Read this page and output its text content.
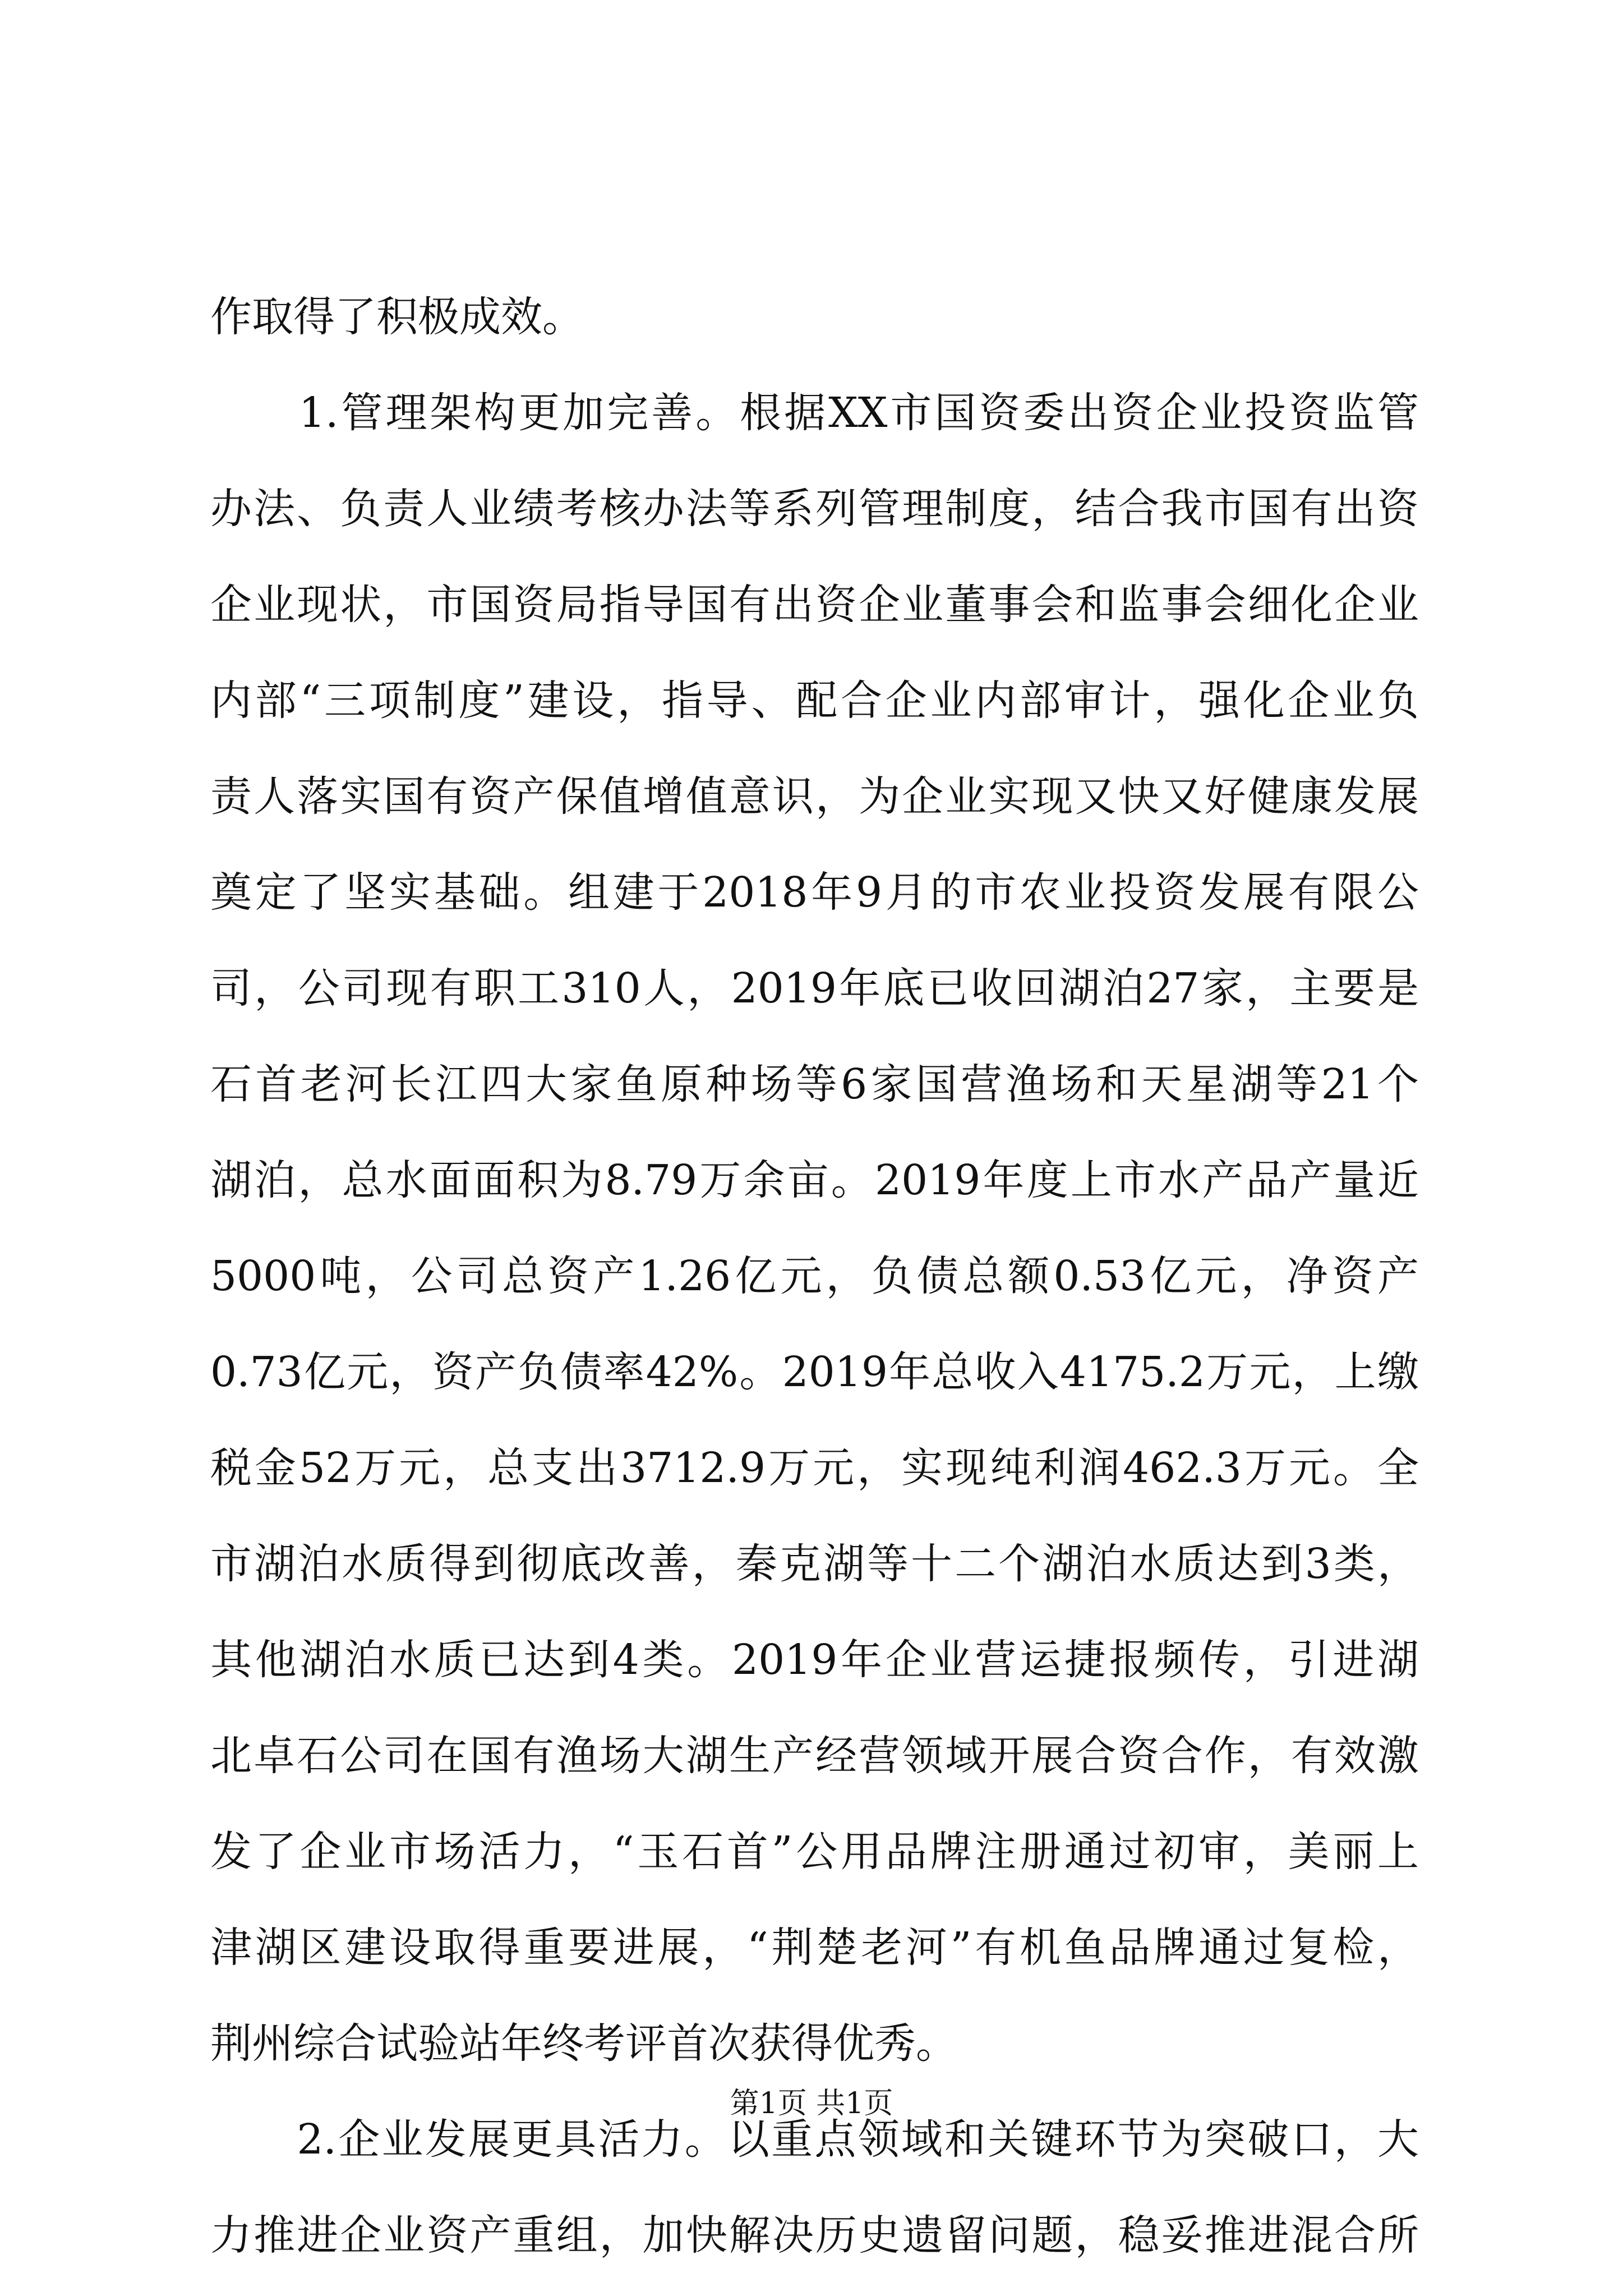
作取得了积极成效。
　　1.管理架构更加完善。根据XX市国资委出资企业投资监管
办法、负责人业绩考核办法等系列管理制度，结合我市国有出资
企业现状，市国资局指导国有出资企业董事会和监事会细化企业
内部“三项制度”建设，指导、配合企业内部审计，强化企业负
责人落实国有资产保值增值意识，为企业实现又快又好健康发展
奠定了坚实基础。组建于2018年9月的市农业投资发展有限公
司，公司现有职工310人，2019年底已收回湖泊27家，主要是
石首老河长江四大家鱼原种场等6家国营渔场和天星湖等21个
湖泊，总水面面积为8.79万余亩。2019年度上市水产品产量近
5000吨，公司总资产1.26亿元，负债总额0.53亿元，净资产
0.73亿元，资产负债率42%。2019年总收入4175.2万元，上缴
税金52万元，总支出3712.9万元，实现纯利润462.3万元。全
市湖泊水质得到彻底改善，秦克湖等十二个湖泊水质达到3类，
其他湖泊水质已达到4类。2019年企业营运捷报频传，引进湖
北卓石公司在国有渔场大湖生产经营领域开展合资合作，有效激
发了企业市场活力，“玉石首”公用品牌注册通过初审，美丽上
津湖区建设取得重要进展，“荆楚老河”有机鱼品牌通过复检，
荆州综合试验站年终考评首次获得优秀。
　　2.企业发展更具活力。以重点领域和关键环节为突破口，大
力推进企业资产重组，加快解决历史遗留问题，稳妥推进混合所
第1页 共1页
